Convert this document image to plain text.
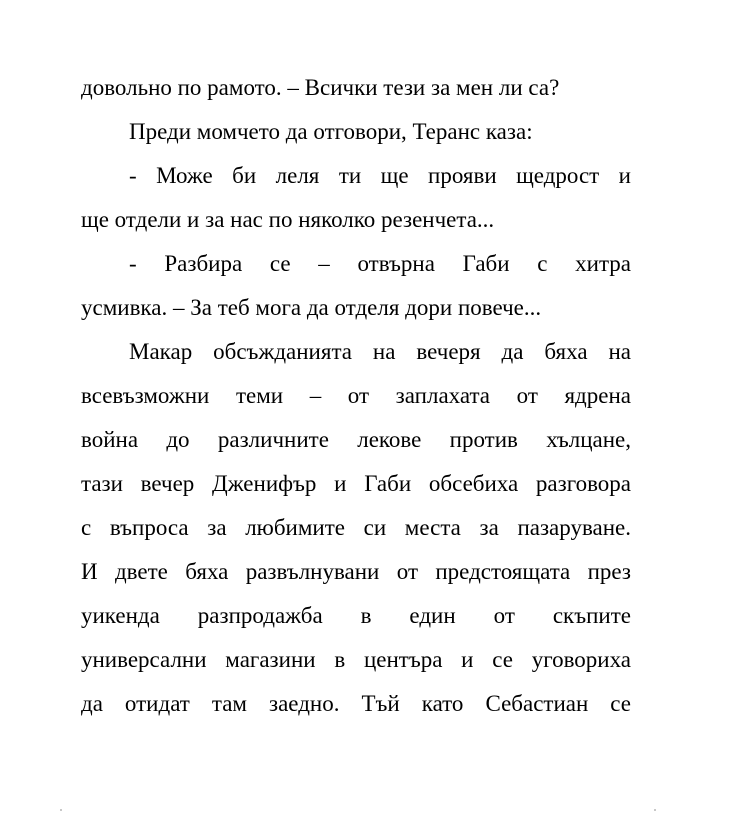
довольно по рамото. – Всички тези за мен ли са?
Преди момчето да отговори, Теранс каза:
- Може би леля ти ще прояви щедрост и
ще отдели и за нас по няколко резенчета...
- Разбира се – отвърна Габи с хитра
усмивка. – За теб мога да отделя дори повече...
Макар обсъжданията на вечеря да бяха на
всевъзможни теми – от заплахата от ядрена
война до различните лекове против хълцане,
тази вечер Дженифър и Габи обсебиха разговора
с въпроса за любимите си места за пазаруване.
И двете бяха развълнувани от предстоящата през
уикенда разпродажба в един от скъпите
универсални магазини в центъра и се уговориха
да отидат там заедно. Тъй като Себастиан се
